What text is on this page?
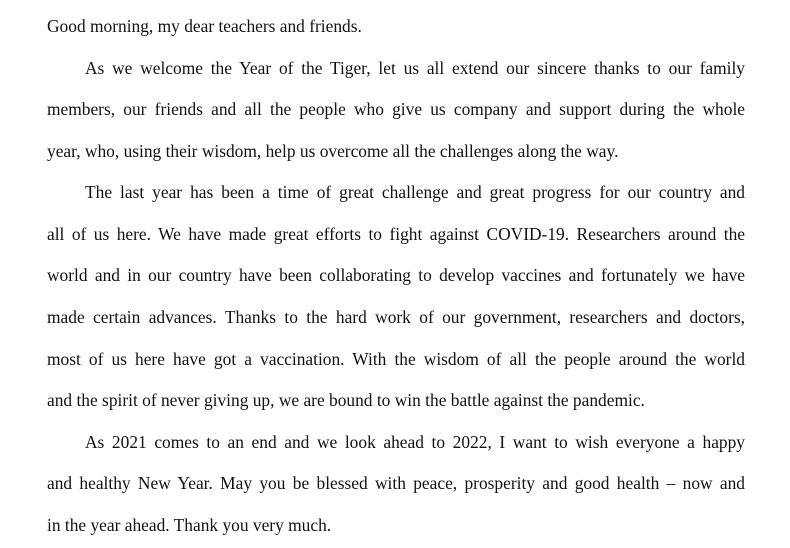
Good morning, my dear teachers and friends.
As we welcome the Year of the Tiger, let us all extend our sincere thanks to our family
members, our friends and all the people who give us company and support during the whole
year, who, using their wisdom, help us overcome all the challenges along the way.
The last year has been a time of great challenge and great progress for our country and
all of us here. We have made great efforts to fight against COVID-19. Researchers around the
world and in our country have been collaborating to develop vaccines and fortunately we have
made certain advances. Thanks to the hard work of our government, researchers and doctors,
most of us here have got a vaccination. With the wisdom of all the people around the world
and the spirit of never giving up, we are bound to win the battle against the pandemic.
As 2021 comes to an end and we look ahead to 2022, I want to wish everyone a happy
and healthy New Year. May you be blessed with peace, prosperity and good health – now and
in the year ahead. Thank you very much.
